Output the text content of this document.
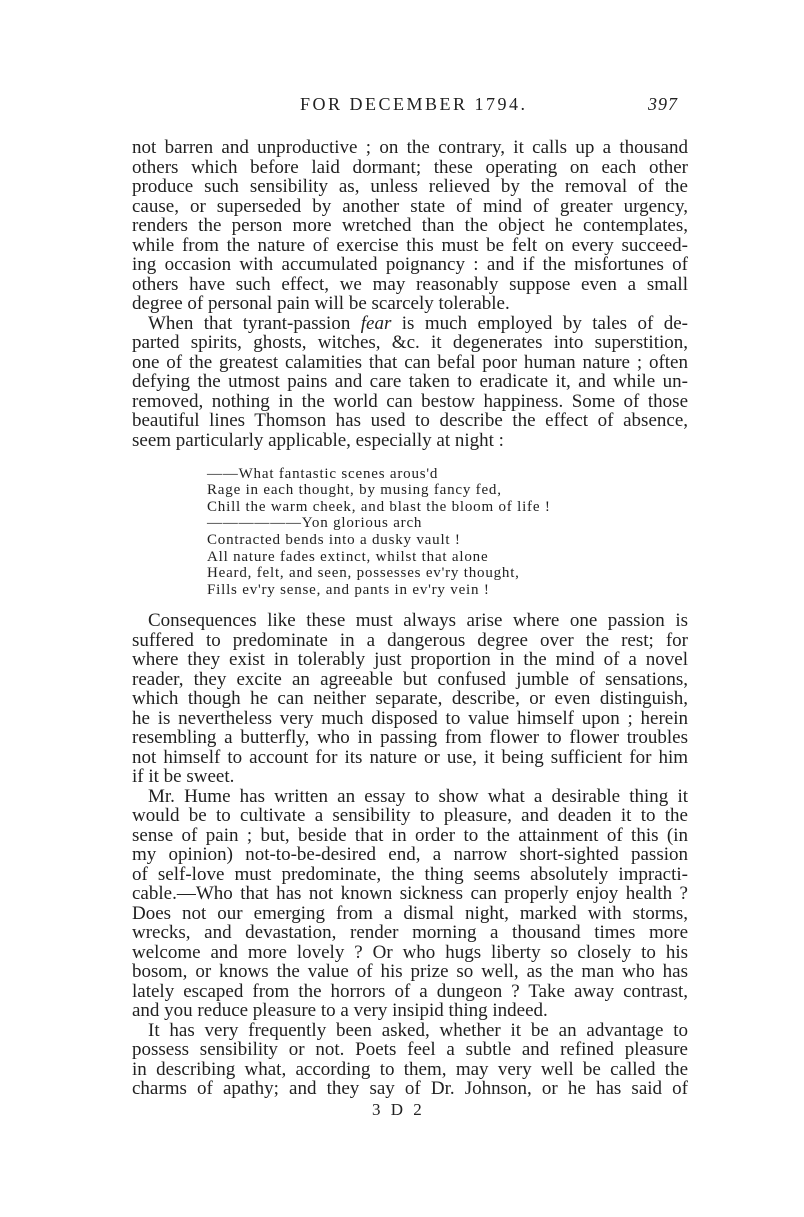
FOR DECEMBER 1794.	397
not barren and unproductive ; on the contrary, it calls up a thousand
others which before laid dormant; these operating on each other
produce such sensibility as, unless relieved by the removal of the
cause, or superseded by another state of mind of greater urgency,
renders the person more wretched than the object he contemplates,
while from the nature of exercise this must be felt on every succeed-
ing occasion with accumulated poignancy : and if the misfortunes of
others have such effect, we may reasonably suppose even a small
degree of personal pain will be scarcely tolerable.
When that tyrant-passion fear is much employed by tales of de-
parted spirits, ghosts, witches, &c. it degenerates into superstition,
one of the greatest calamities that can befal poor human nature ; often
defying the utmost pains and care taken to eradicate it, and while un-
removed, nothing in the world can bestow happiness. Some of those
beautiful lines Thomson has used to describe the effect of absence,
seem particularly applicable, especially at night :
——What fantastic scenes arous'd
Rage in each thought, by musing fancy fed,
Chill the warm cheek, and blast the bloom of life !
——————Yon glorious arch
Contracted bends into a dusky vault !
All nature fades extinct, whilst that alone
Heard, felt, and seen, possesses ev'ry thought,
Fills ev'ry sense, and pants in ev'ry vein !
Consequences like these must always arise where one passion is
suffered to predominate in a dangerous degree over the rest; for
where they exist in tolerably just proportion in the mind of a novel
reader, they excite an agreeable but confused jumble of sensations,
which though he can neither separate, describe, or even distinguish,
he is nevertheless very much disposed to value himself upon ; herein
resembling a butterfly, who in passing from flower to flower troubles
not himself to account for its nature or use, it being sufficient for him
if it be sweet.
Mr. Hume has written an essay to show what a desirable thing it
would be to cultivate a sensibility to pleasure, and deaden it to the
sense of pain ; but, beside that in order to the attainment of this (in
my opinion) not-to-be-desired end, a narrow short-sighted passion
of self-love must predominate, the thing seems absolutely impracti-
cable.—Who that has not known sickness can properly enjoy health ?
Does not our emerging from a dismal night, marked with storms,
wrecks, and devastation, render morning a thousand times more
welcome and more lovely ? Or who hugs liberty so closely to his
bosom, or knows the value of his prize so well, as the man who has
lately escaped from the horrors of a dungeon ? Take away contrast,
and you reduce pleasure to a very insipid thing indeed.
It has very frequently been asked, whether it be an advantage to
possess sensibility or not. Poets feel a subtle and refined pleasure
in describing what, according to them, may very well be called the
charms of apathy; and they say of Dr. Johnson, or he has said of
3 D 2
